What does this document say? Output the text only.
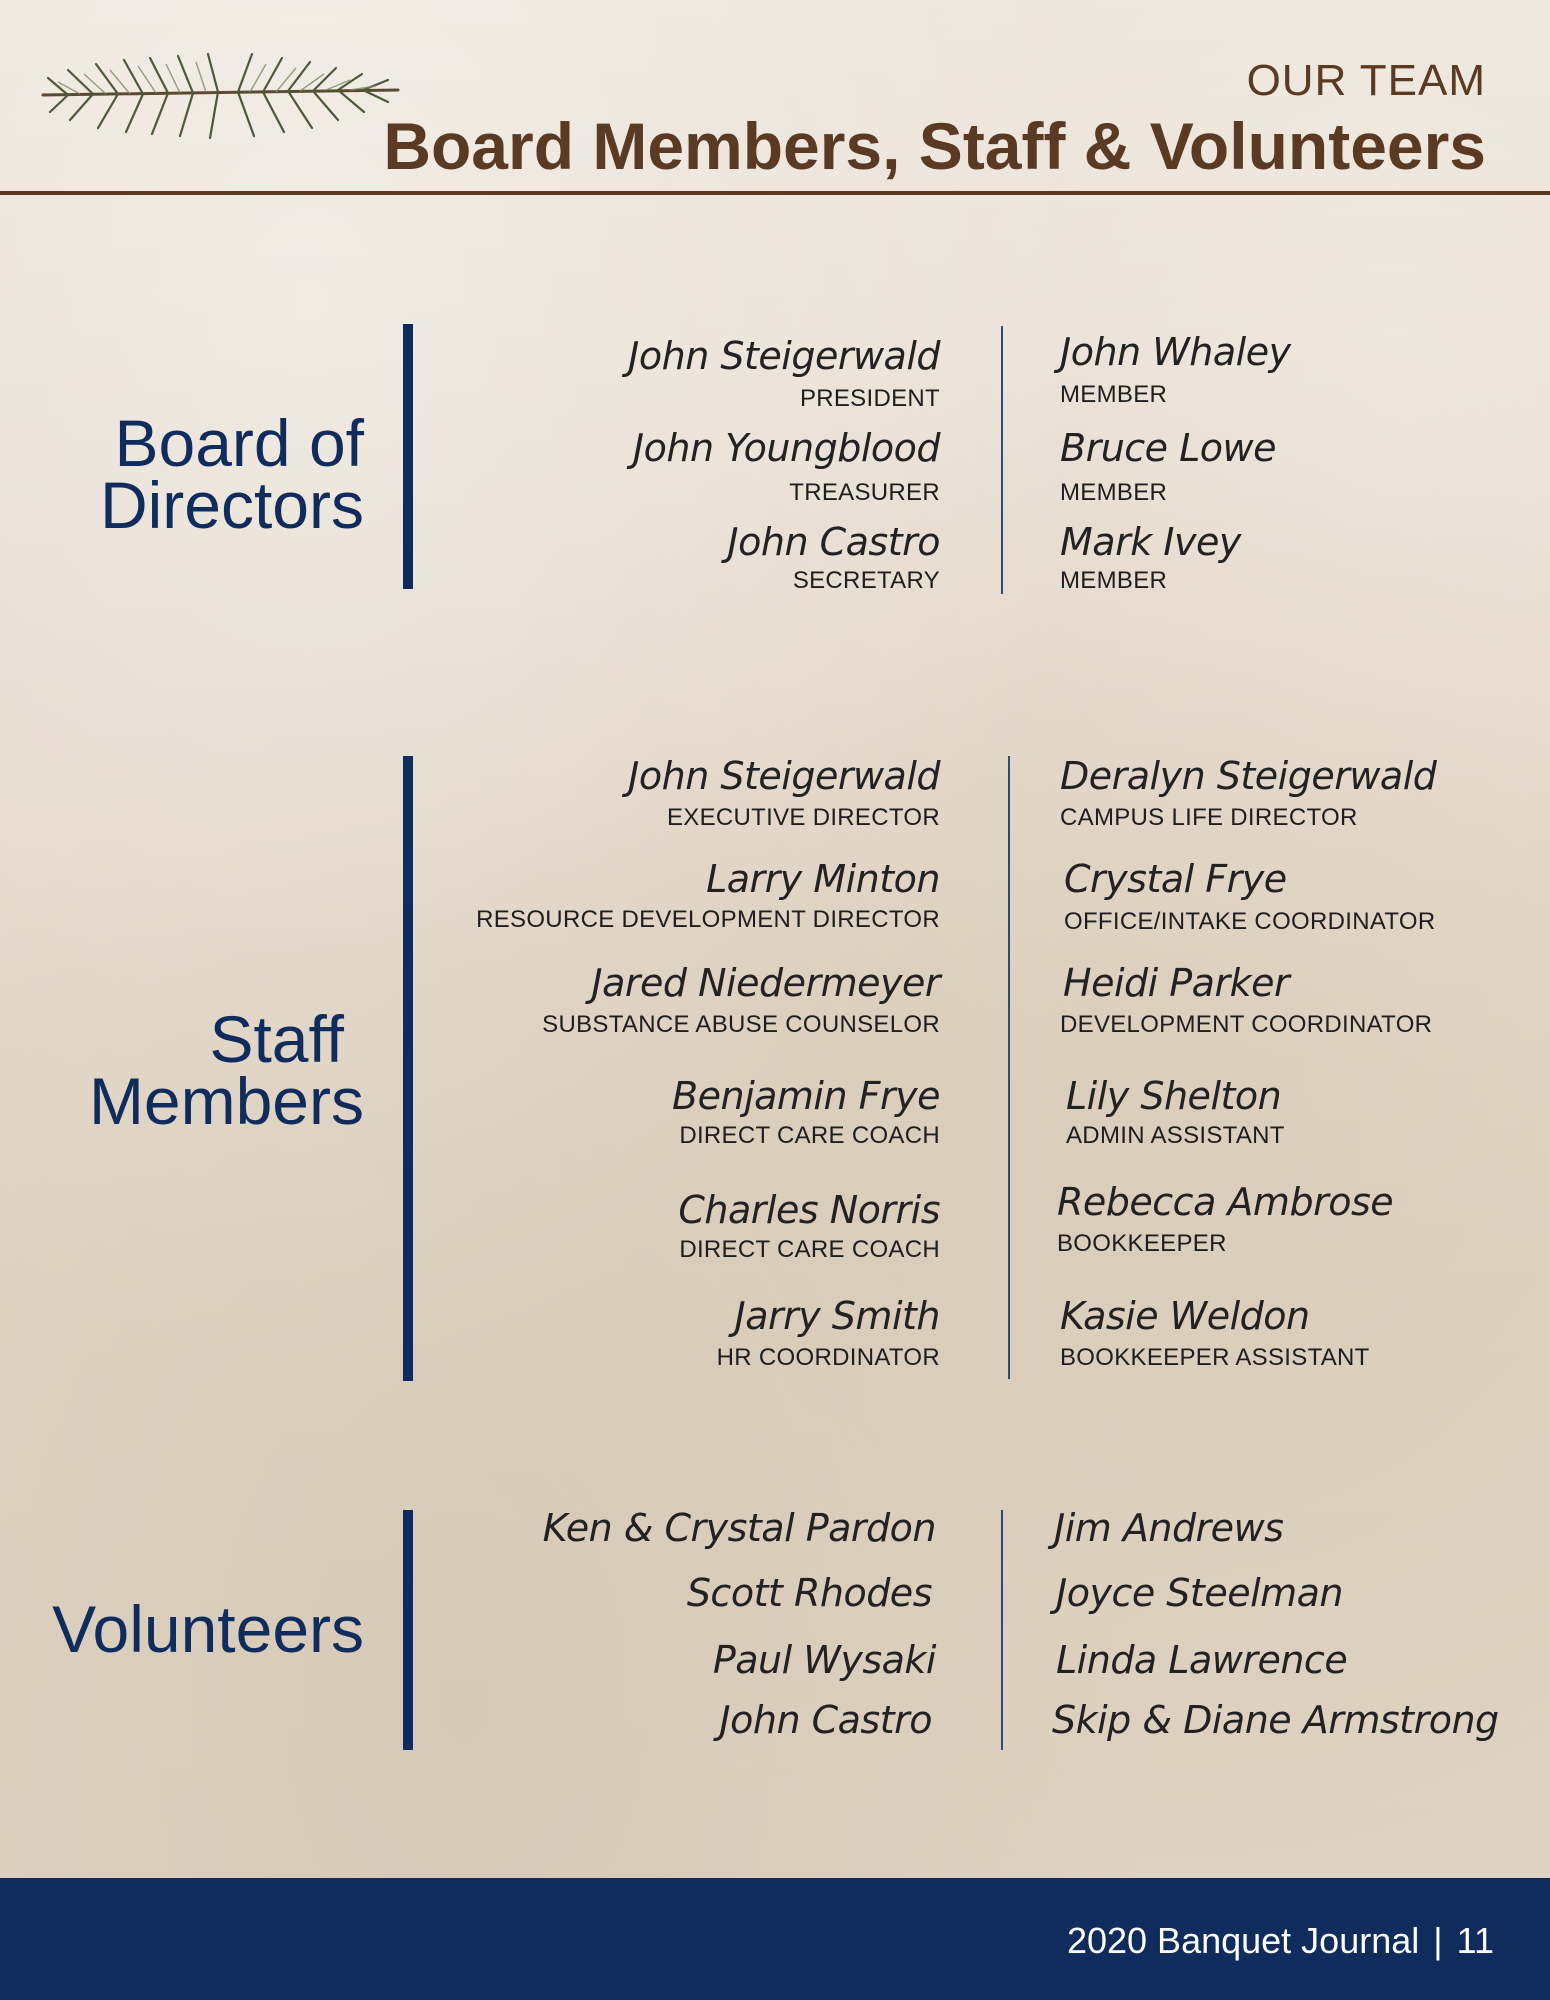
OUR TEAM
Board Members, Staff & Volunteers
Board of
Directors
John Steigerwald
PRESIDENT
John Youngblood
TREASURER
John Castro
SECRETARY
John Whaley
MEMBER
Bruce Lowe
MEMBER
Mark Ivey
MEMBER
Staff
Members
John Steigerwald
EXECUTIVE DIRECTOR
Larry Minton
RESOURCE DEVELOPMENT DIRECTOR
Jared Niedermeyer
SUBSTANCE ABUSE COUNSELOR
Benjamin Frye
DIRECT CARE COACH
Charles Norris
DIRECT CARE COACH
Jarry Smith
HR COORDINATOR
Deralyn Steigerwald
CAMPUS LIFE DIRECTOR
Crystal Frye
OFFICE/INTAKE COORDINATOR
Heidi Parker
DEVELOPMENT COORDINATOR
Lily Shelton
ADMIN ASSISTANT
Rebecca Ambrose
BOOKKEEPER
Kasie Weldon
BOOKKEEPER ASSISTANT
Volunteers
Ken & Crystal Pardon
Scott Rhodes
Paul Wysaki
John Castro
Jim Andrews
Joyce Steelman
Linda Lawrence
Skip & Diane Armstrong
2020 Banquet Journal | 11
